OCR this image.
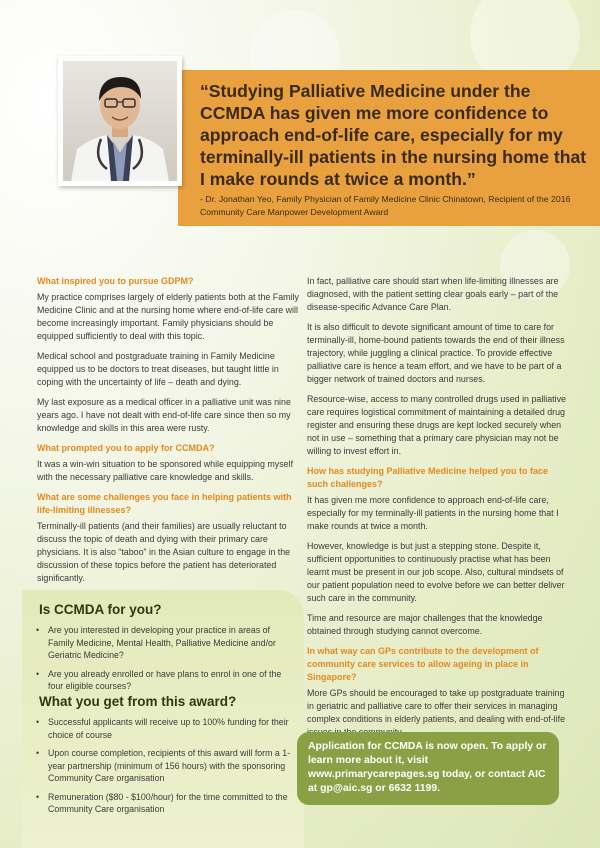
“Studying Palliative Medicine under the CCMDA has given me more confidence to approach end-of-life care, especially for my terminally-ill patients in the nursing home that I make rounds at twice a month.”
- Dr. Jonathan Yeo, Family Physician of Family Medicine Clinic Chinatown, Recipient of the 2016 Community Care Manpower Development Award
What inspired you to pursue GDPM?
My practice comprises largely of elderly patients both at the Family Medicine Clinic and at the nursing home where end-of-life care will become increasingly important. Family physicians should be equipped sufficiently to deal with this topic.
Medical school and postgraduate training in Family Medicine equipped us to be doctors to treat diseases, but taught little in coping with the uncertainty of life – death and dying.
My last exposure as a medical officer in a palliative unit was nine years ago. I have not dealt with end-of-life care since then so my knowledge and skills in this area were rusty.
What prompted you to apply for CCMDA?
It was a win-win situation to be sponsored while equipping myself with the necessary palliative care knowledge and skills.
What are some challenges you face in helping patients with life-limiting illnesses?
Terminally-ill patients (and their families) are usually reluctant to discuss the topic of death and dying with their primary care physicians. It is also “taboo” in the Asian culture to engage in the discussion of these topics before the patient has deteriorated significantly.
In fact, palliative care should start when life-limiting illnesses are diagnosed, with the patient setting clear goals early – part of the disease-specific Advance Care Plan.
It is also difficult to devote significant amount of time to care for terminally-ill, home-bound patients towards the end of their illness trajectory, while juggling a clinical practice. To provide effective palliative care is hence a team effort, and we have to be part of a bigger network of trained doctors and nurses.
Resource-wise, access to many controlled drugs used in palliative care requires logistical commitment of maintaining a detailed drug register and ensuring these drugs are kept locked securely when not in use – something that a primary care physician may not be willing to invest effort in.
How has studying Palliative Medicine helped you to face such challenges?
It has given me more confidence to approach end-of-life care, especially for my terminally-ill patients in the nursing home that I make rounds at twice a month.
However, knowledge is but just a stepping stone. Despite it, sufficient opportunities to continuously practise what has been learnt must be present in our job scope. Also, cultural mindsets of our patient population need to evolve before we can better deliver such care in the community.
Time and resource are major challenges that the knowledge obtained through studying cannot overcome.
In what way can GPs contribute to the development of community care services to allow ageing in place in Singapore?
More GPs should be encouraged to take up postgraduate training in geriatric and palliative care to offer their services in managing complex conditions in elderly patients, and dealing with end-of-life
Is CCMDA for you?
• Are you interested in developing your practice in areas of Family Medicine, Mental Health, Palliative Medicine and/or Geriatric Medicine?
• Are you already enrolled or have plans to enrol in one of the four eligible courses?
What you get from this award?
• Successful applicants will receive up to 100% funding for their choice of course
• Upon course completion, recipients of this award will form a 1-year partnership (minimum of 156 hours) with the sponsoring Community Care organisation
• Remuneration ($80 - $100/hour) for the time committed to the Community Care organisation
Application for CCMDA is now open. To apply or learn more about it, visit www.primarycarepages.sg today, or contact AIC at gp@aic.sg or 6632 1199.
